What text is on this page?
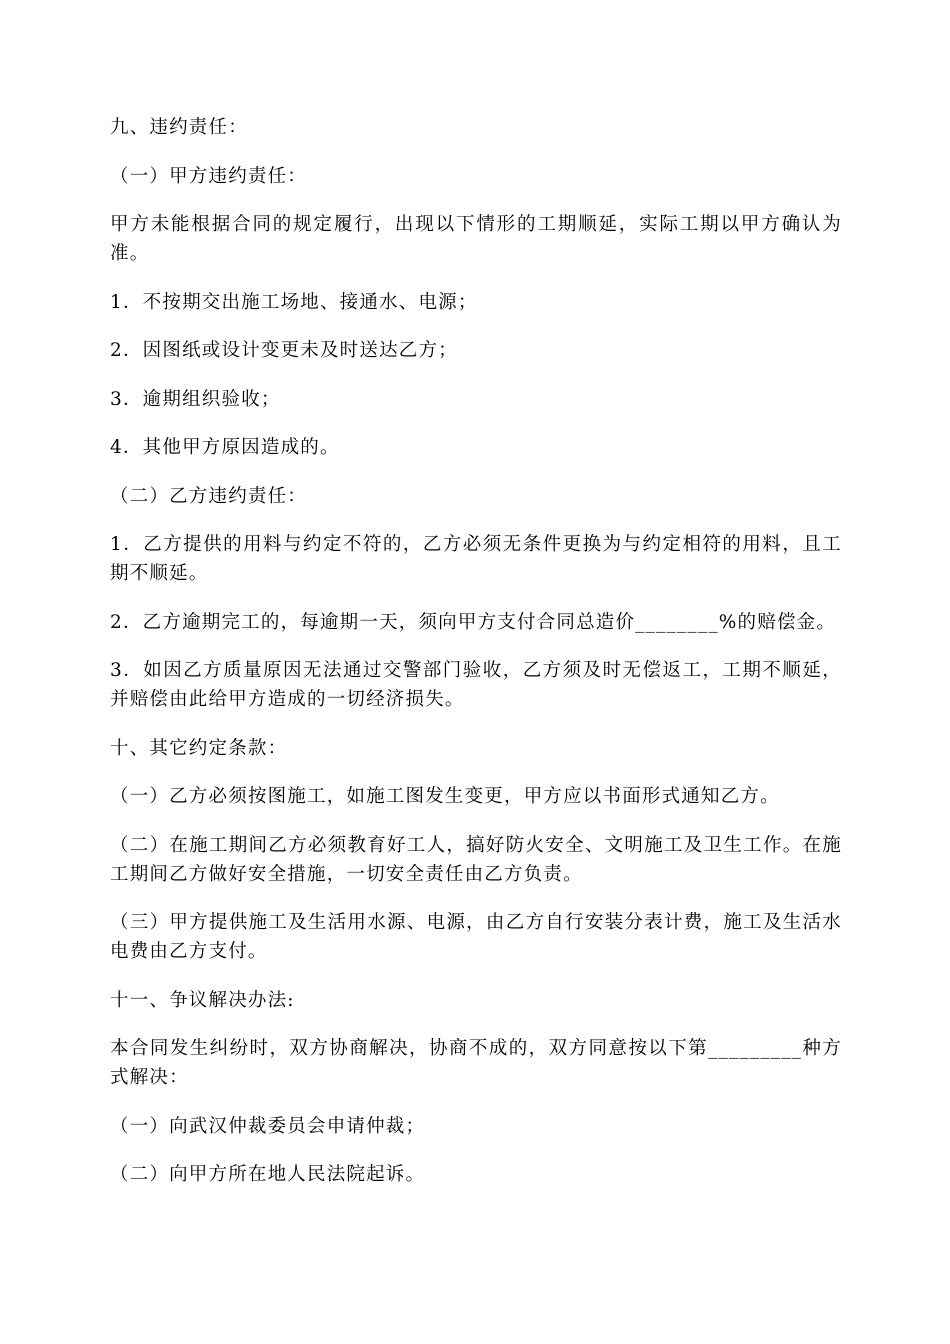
九、违约责任：

（一）甲方违约责任：

甲方未能根据合同的规定履行，出现以下情形的工期顺延，实际工期以甲方确认为准。

1．不按期交出施工场地、接通水、电源；

2．因图纸或设计变更未及时送达乙方；

3．逾期组织验收；

4．其他甲方原因造成的。

（二）乙方违约责任：

1．乙方提供的用料与约定不符的，乙方必须无条件更换为与约定相符的用料，且工期不顺延。

2．乙方逾期完工的，每逾期一天，须向甲方支付合同总造价________%的赔偿金。

3．如因乙方质量原因无法通过交警部门验收，乙方须及时无偿返工，工期不顺延，并赔偿由此给甲方造成的一切经济损失。

十、其它约定条款：

（一）乙方必须按图施工，如施工图发生变更，甲方应以书面形式通知乙方。

（二）在施工期间乙方必须教育好工人，搞好防火安全、文明施工及卫生工作。在施工期间乙方做好安全措施，一切安全责任由乙方负责。

（三）甲方提供施工及生活用水源、电源，由乙方自行安装分表计费，施工及生活水电费由乙方支付。

十一、争议解决办法:

本合同发生纠纷时，双方协商解决，协商不成的，双方同意按以下第_________种方式解决：

（一）向武汉仲裁委员会申请仲裁；

（二）向甲方所在地人民法院起诉。
